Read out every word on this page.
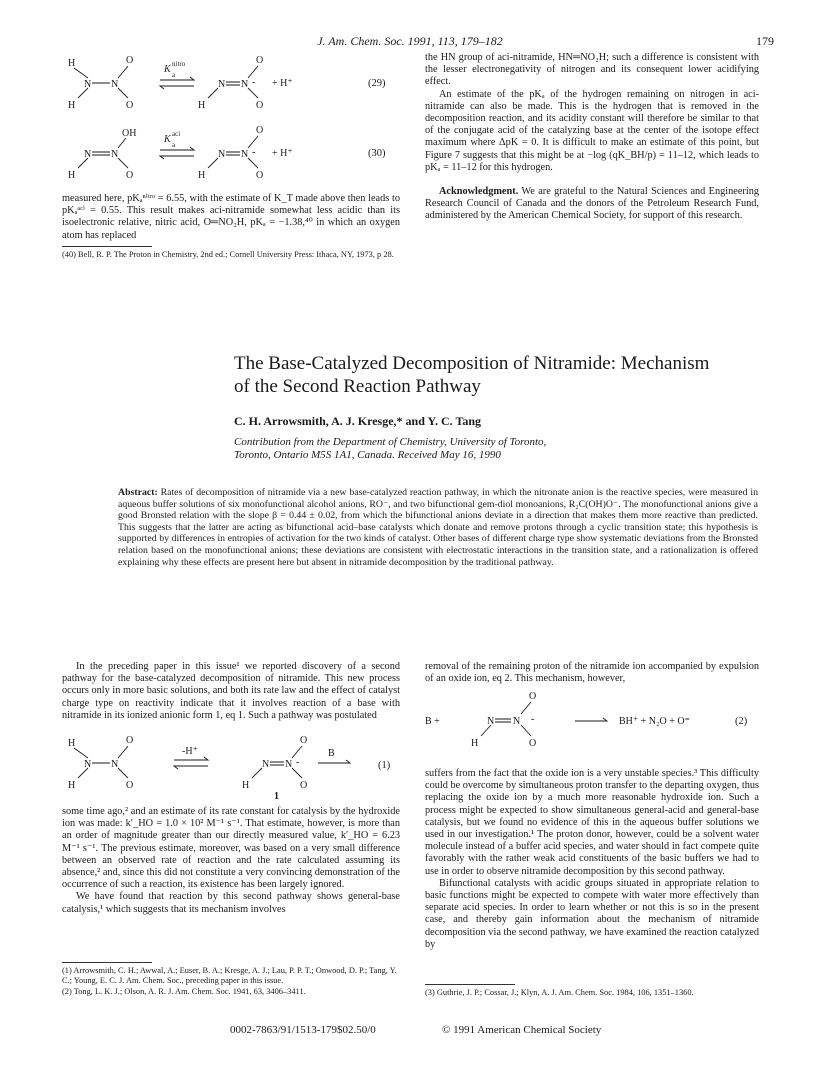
J. Am. Chem. Soc. 1991, 113, 179–182	179
H
N N
O
O
H
K nitro
a
N N -
O
O
H
+ H⁺	(29)
OH
N N
O
H
K aci
a
N N -
O
O
H
+ H⁺	(30)

measured here, pKₐⁿⁱᵗʳᵒ = 6.55, with the estimate of K_T made above then leads to pKₐᵃᶜⁱ = 0.55. This result makes aci-nitramide somewhat less acidic than its isoelectronic relative, nitric acid, O═NO₂H, pKₐ = −1.38,⁴⁰ in which an oxygen atom has replaced

(40) Bell, R. P. The Proton in Chemistry, 2nd ed.; Cornell University Press: Ithaca, NY, 1973, p 28.

the HN group of aci-nitramide, HN═NO₂H; such a difference is consistent with the lesser electronegativity of nitrogen and its consequent lower acidifying effect.

An estimate of the pKₐ of the hydrogen remaining on nitrogen in aci-nitramide can also be made. This is the hydrogen that is removed in the decomposition reaction, and its acidity constant will therefore be similar to that of the conjugate acid of the catalyzing base at the center of the isotope effect maximum where ΔpK = 0. It is difficult to make an estimate of this point, but Figure 7 suggests that this might be at −log (qK_BH/p) = 11–12, which leads to pKₐ = 11–12 for this hydrogen.

Acknowledgment. We are grateful to the Natural Sciences and Engineering Research Council of Canada and the donors of the Petroleum Research Fund, administered by the American Chemical Society, for support of this research.

The Base-Catalyzed Decomposition of Nitramide: Mechanism
of the Second Reaction Pathway
C. H. Arrowsmith, A. J. Kresge,* and Y. C. Tang
Contribution from the Department of Chemistry, University of Toronto,
Toronto, Ontario M5S 1A1, Canada. Received May 16, 1990
Abstract: Rates of decomposition of nitramide via a new base-catalyzed reaction pathway, in which the nitronate anion is the reactive species, were measured in aqueous buffer solutions of six monofunctional alcohol anions, RO⁻, and two bifunctional gem-diol monoanions, R₂C(OH)O⁻. The monofunctional anions give a good Bronsted relation with the slope β = 0.44 ± 0.02, from which the bifunctional anions deviate in a direction that makes them more reactive than predicted. This suggests that the latter are acting as bifunctional acid–base catalysts which donate and remove protons through a cyclic transition state; this hypothesis is supported by differences in entropies of activation for the two kinds of catalyst. Other bases of different charge type show systematic deviations from the Bronsted relation based on the monofunctional anions; these deviations are consistent with electrostatic interactions in the transition state, and a rationalization is offered explaining why these effects are present here but absent in nitramide decomposition by the traditional pathway.

In the preceding paper in this issue¹ we reported discovery of a second pathway for the base-catalyzed decomposition of nitramide. This new process occurs only in more basic solutions, and both its rate law and the effect of catalyst charge type on reactivity indicate that it involves reaction of a base with nitramide in its ionized anionic form 1, eq 1. Such a pathway was postulated

H
N N
O
O
H
-H⁺
N N -
O
O
H
1
B
(1)

some time ago,² and an estimate of its rate constant for catalysis by the hydroxide ion was made: k′_HO = 1.0 × 10² M⁻¹ s⁻¹. That estimate, however, is more than an order of magnitude greater than our directly measured value, k′_HO = 6.23 M⁻¹ s⁻¹. The previous estimate, moreover, was based on a very small difference between an observed rate of reaction and the rate calculated assuming its absence,² and, since this did not constitute a very convincing demonstration of the occurrence of such a reaction, its existence has been largely ignored.

We have found that reaction by this second pathway shows general-base catalysis,¹ which suggests that its mechanism involves

(1) Arrowsmith, C. H.; Awwal, A.; Euser, B. A.; Kresge, A. J.; Lau, P. P. T.; Onwood, D. P.; Tang, Y. C.; Young, E. C. J. Am. Chem. Soc., preceding paper in this issue.

(2) Tong, L. K. J.; Olson, A. R. J. Am. Chem. Soc. 1941, 63, 3406–3411.

removal of the remaining proton of the nitramide ion accompanied by expulsion of an oxide ion, eq 2. This mechanism, however,

B +
O
N N -
O
H
BH⁺ + N₂O + O⁼	(2)

suffers from the fact that the oxide ion is a very unstable species.³ This difficulty could be overcome by simultaneous proton transfer to the departing oxygen, thus replacing the oxide ion by a much more reasonable hydroxide ion. Such a process might be expected to show simultaneous general-acid and general-base catalysis, but we found no evidence of this in the aqueous buffer solutions we used in our investigation.¹ The proton donor, however, could be a solvent water molecule instead of a buffer acid species, and water should in fact compete quite favorably with the rather weak acid constituents of the basic buffers we had to use in order to observe nitramide decomposition by this second pathway.

Bifunctional catalysts with acidic groups situated in appropriate relation to basic functions might be expected to compete with water more effectively than separate acid species. In order to learn whether or not this is so in the present case, and thereby gain information about the mechanism of nitramide decomposition via the second pathway, we have examined the reaction catalyzed by

(3) Guthrie, J. P.; Cossar, J.; Klyn, A. J. Am. Chem. Soc. 1984, 106, 1351–1360.

0002-7863/91/1513-179$02.50/0	© 1991 American Chemical Society
